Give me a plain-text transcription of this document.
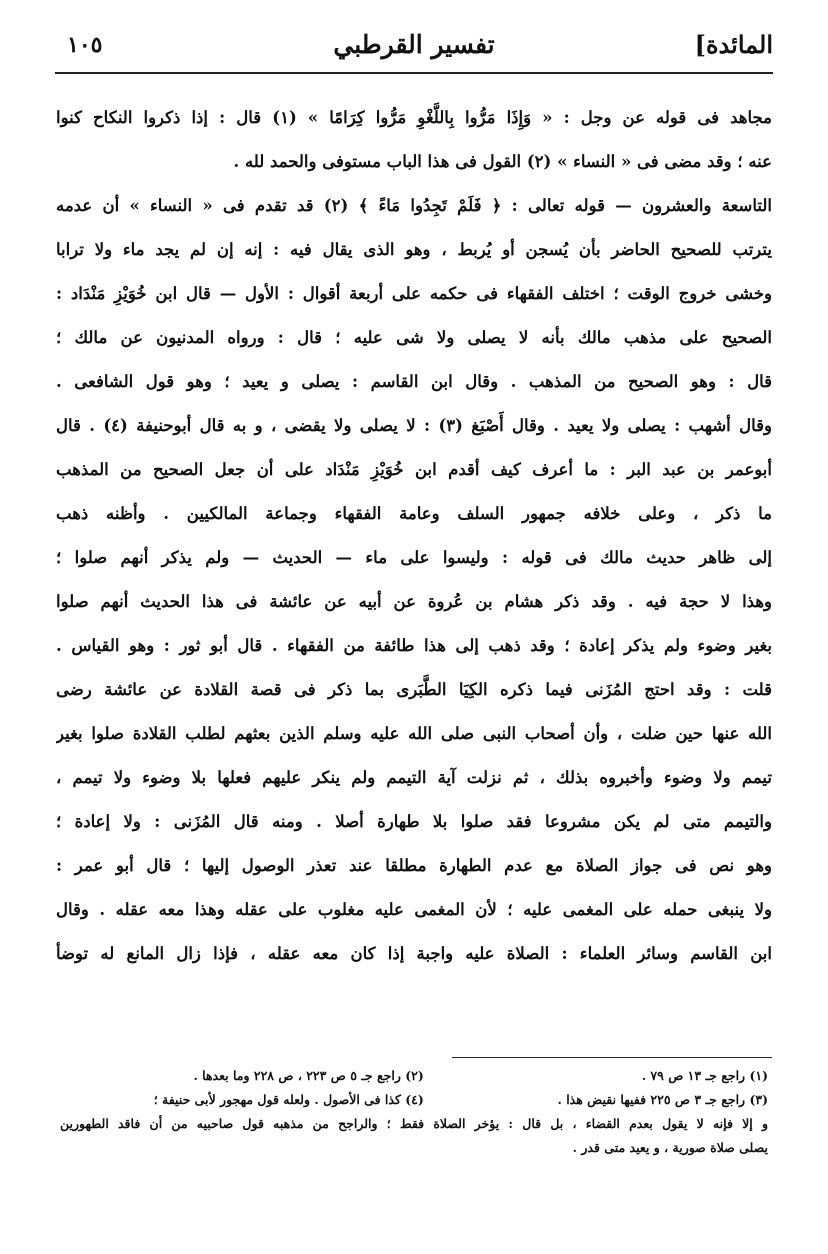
المائدة]
تفسير القرطبي
١٠٥
مجاهد فى قوله عن وجل : « وَإِذَا مَرُّوا بِاللَّغْوِ مَرُّوا كِرَامًا » (١) قال : إذا ذكروا النكاح كنوا
عنه ؛ وقد مضى فى « النساء » (٢) القول فى هذا الباب مستوفى والحمد لله .
التاسعة والعشرون — قوله تعالى : ﴿ فَلَمْ تَجِدُوا مَاءً ﴾ (٢) قد تقدم فى « النساء » أن عدمه
يترتب للصحيح الحاضر بأن يُسجن أو يُربط ، وهو الذى يقال فيه : إنه إن لم يجد ماء ولا ترابا
وخشى خروج الوقت ؛ اختلف الفقهاء فى حكمه على أربعة أقوال : الأول — قال ابن خُوَيْزِ مَنْدَاد :
الصحيح على مذهب مالك بأنه لا يصلى ولا شى عليه ؛ قال : ورواه المدنيون عن مالك ؛
قال : وهو الصحيح من المذهب . وقال ابن القاسم : يصلى و يعيد ؛ وهو قول الشافعى .
وقال أشهب : يصلى ولا يعيد . وقال أَصْبَغ (٣) : لا يصلى ولا يقضى ، و به قال أبوحنيفة (٤) . قال
أبوعمر بن عبد البر : ما أعرف كيف أقدم ابن خُوَيْزِ مَنْدَاد على أن جعل الصحيح من المذهب
ما ذكر ، وعلى خلافه جمهور السلف وعامة الفقهاء وجماعة المالكيين . وأظنه ذهب
إلى ظاهر حديث مالك فى قوله : وليسوا على ماء — الحديث — ولم يذكر أنهم صلوا ؛
وهذا لا حجة فيه . وقد ذكر هشام بن عُروة عن أبيه عن عائشة فى هذا الحديث أنهم صلوا
بغير وضوء ولم يذكر إعادة ؛ وقد ذهب إلى هذا طائفة من الفقهاء . قال أبو ثور : وهو القياس .
قلت : وقد احتج المُزَنى فيما ذكره الكِيَا الطَّبَرى بما ذكر فى قصة القلادة عن عائشة رضى
الله عنها حين ضلت ، وأن أصحاب النبى صلى الله عليه وسلم الذين بعثهم لطلب القلادة صلوا بغير
تيمم ولا وضوء وأخبروه بذلك ، ثم نزلت آية التيمم ولم ينكر عليهم فعلها بلا وضوء ولا تيمم ،
والتيمم متى لم يكن مشروعا فقد صلوا بلا طهارة أصلا . ومنه قال المُزَنى : ولا إعادة ؛
وهو نص فى جواز الصلاة مع عدم الطهارة مطلقا عند تعذر الوصول إليها ؛ قال أبو عمر :
ولا ينبغى حمله على المغمى عليه ؛ لأن المغمى عليه مغلوب على عقله وهذا معه عقله . وقال
ابن القاسم وسائر العلماء : الصلاة عليه واجبة إذا كان معه عقله ، فإذا زال المانع له توضأ
(١) راجع جـ ١٣ ص ٧٩ . (٢) راجع جـ ٥ ص ٢٢٣ ، ص ٢٢٨ وما بعدها .
(٣) راجع جـ ٣ ص ٢٢٥ ففيها نقيض هذا . (٤) كذا فى الأصول . ولعله قول مهجور لأبى حنيفة ؛
و إلا فإنه لا يقول بعدم القضاء ، بل قال : يؤخر الصلاة فقط ؛ والراجح من مذهبه قول صاحبيه من أن فاقد الطهورين
يصلى صلاة صورية ، و يعيد متى قدر .
